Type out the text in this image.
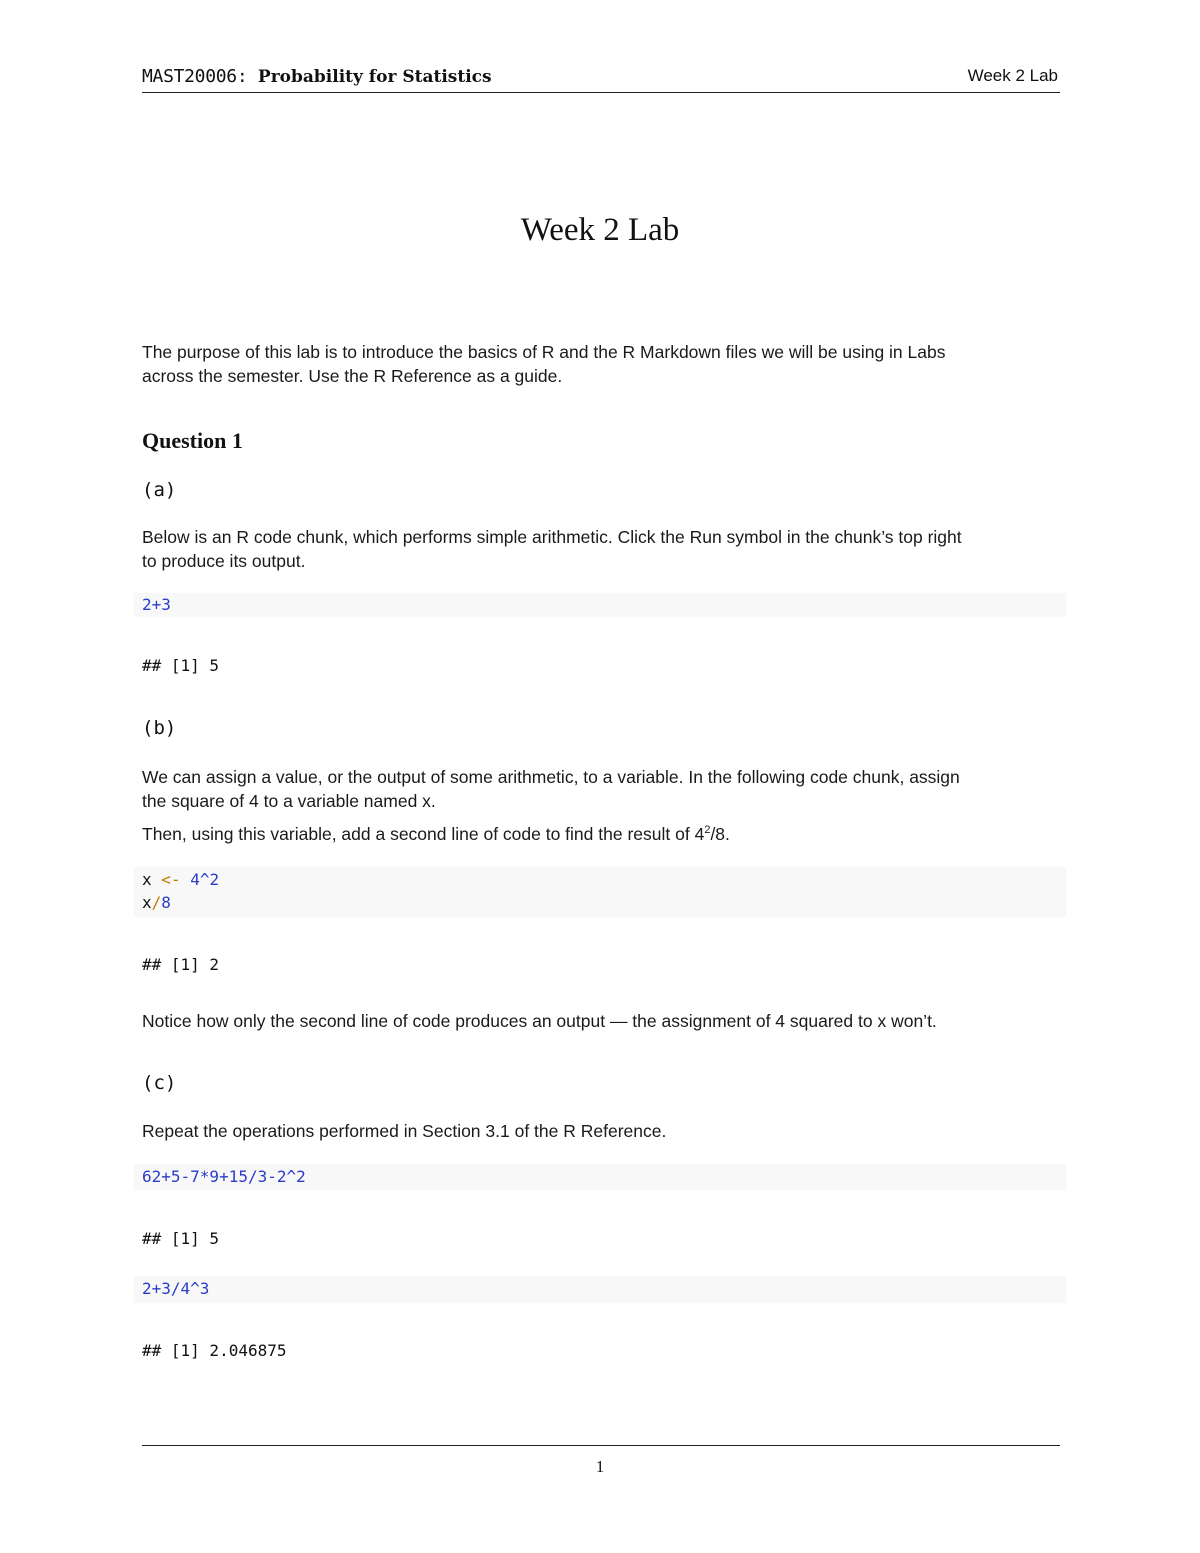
MAST20006: Probability for Statistics	Week 2 Lab
Week 2 Lab
The purpose of this lab is to introduce the basics of R and the R Markdown files we will be using in Labs
across the semester. Use the R Reference as a guide.
Question 1
(a)
Below is an R code chunk, which performs simple arithmetic. Click the Run symbol in the chunk’s top right
to produce its output.
2+3
## [1] 5
(b)
We can assign a value, or the output of some arithmetic, to a variable. In the following code chunk, assign
the square of 4 to a variable named x.
Then, using this variable, add a second line of code to find the result of $4^2/8$.
x <- 4^2
x/8
## [1] 2
Notice how only the second line of code produces an output — the assignment of 4 squared to x won’t.
(c)
Repeat the operations performed in Section 3.1 of the R Reference.
62+5-7*9+15/3-2^2
## [1] 5
2+3/4^3
## [1] 2.046875
1
